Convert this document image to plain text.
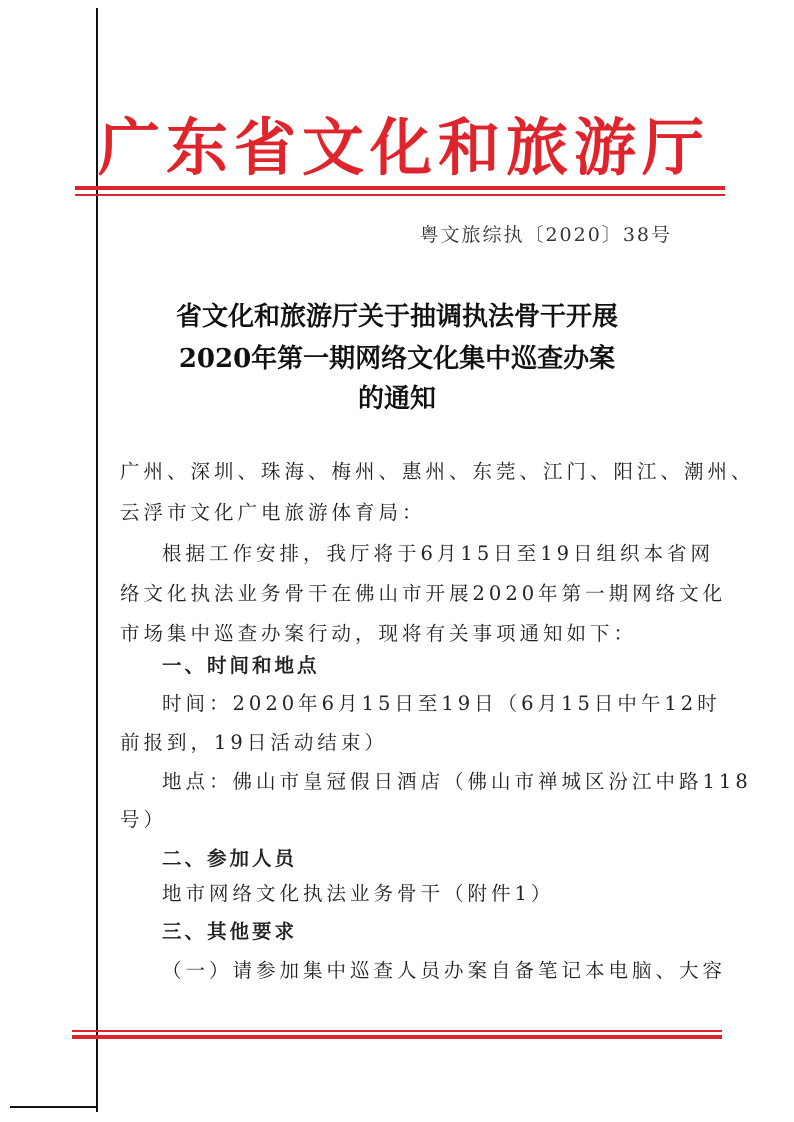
广东省文化和旅游厅
粤文旅综执〔2020〕38号
省文化和旅游厅关于抽调执法骨干开展
2020年第一期网络文化集中巡查办案
的通知
广州、深圳、珠海、梅州、惠州、东莞、江门、阳江、潮州、
云浮市文化广电旅游体育局：
根据工作安排，我厅将于6月15日至19日组织本省网
络文化执法业务骨干在佛山市开展2020年第一期网络文化
市场集中巡查办案行动，现将有关事项通知如下：
一、时间和地点
时间：2020年6月15日至19日（6月15日中午12时
前报到，19日活动结束）
地点：佛山市皇冠假日酒店（佛山市禅城区汾江中路118
号）
二、参加人员
地市网络文化执法业务骨干（附件1）
三、其他要求
（一）请参加集中巡查人员办案自备笔记本电脑、大容
